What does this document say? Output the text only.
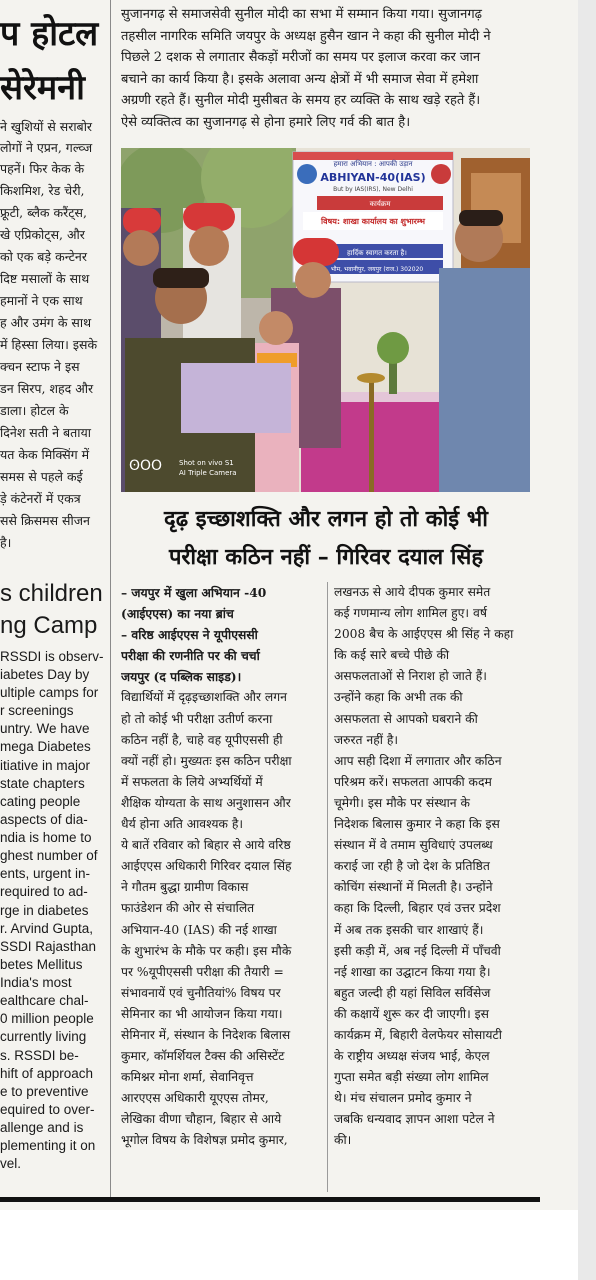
प होटल
सेरेमनी
ने खुशियों से सराबोर
लोगों ने एप्रन, गल्व्ज
पहनें। फिर केक के
किशमिश, रेड चेरी,
फ्रूटी, ब्लैक करैंट्स,
खे एप्रिकोट्स, और
को एक बड़े कन्टेनर
दिष्ट मसालों के साथ
हमानों ने एक साथ
ह और उमंग के साथ
में हिस्सा लिया। इसके
क्चन स्टाफ ने इस
डन सिरप, शहद और
डाला। होटल के
दिनेश सती ने बताया
यत केक मिक्सिंग में
समस से पहले कई
ड़े कंटेनरों में एकत्र
ससे क्रिसमस सीजन
है।
s children
ng Camp
RSSDI is observ-
iabetes Day by
ultiple camps for
r screenings
untry. We have
mega Diabetes
itiative in major
state chapters
cating people
aspects of dia-
ndia is home to
ghest number of
ents, urgent in-
required to ad-
rge in diabetes
r. Arvind Gupta,
SSDI Rajasthan
betes Mellitus
India's most
ealthcare chal-
0 million people
currently living
s. RSSDI be-
hift of approach
e to preventive
equired to over-
allenge and is
plementing it on
vel.
सुजानगढ़ से समाजसेवी सुनील मोदी का सभा में सम्मान किया गया। सुजानगढ़
तहसील नागरिक समिति जयपुर के अध्यक्ष हुसैन खान ने कहा की सुनील मोदी ने
पिछले 2 दशक से लगातार सैकड़ों मरीजों का समय पर इलाज करवा कर जान
बचाने का कार्य किया है। इसके अलावा अन्य क्षेत्रों में भी समाज सेवा में हमेशा
अग्रणी रहते हैं। सुनील मोदी मुसीबत के समय हर व्यक्ति के साथ खड़े रहते हैं।
ऐसे व्यक्तित्व का सुजानगढ़ से होना हमारे लिए गर्व की बात है।
हमारा अभियान : आपकी उड़ान
ABHIYAN-40(IAS)
But by IAS(IRS), New Delhi
कार्यक्रम
विषय: शाखा कार्यालय का शुभारम्भ
हार्दिक स्वागत करता है।
भौम, भवानीपुर, जयपुर (राज.) 302020
ʘOO Shot on vivo S1
AI Triple Camera
दृढ़ इच्छाशक्ति और लगन हो तो कोई भी
परीक्षा कठिन नहीं – गिरिवर दयाल सिंह
– जयपुर में खुला अभियान -40
(आईएएस) का नया ब्रांच
– वरिष्ठ आईएएस ने यूपीएससी
परीक्षा की रणनीति पर की चर्चा
जयपुर (द पब्लिक साइड)।
विद्यार्थियों में दृढ़इच्छाशक्ति और लगन
हो तो कोई भी परीक्षा उतीर्ण करना
कठिन नहीं है, चाहे वह यूपीएससी ही
क्यों नहीं हो। मुख्यतः इस कठिन परीक्षा
में सफलता के लिये अभ्यर्थियों में
शैक्षिक योग्यता के साथ अनुशासन और
धैर्य होना अति आवश्यक है।
ये बातें रविवार को बिहार से आये वरिष्ठ
आईएएस अधिकारी गिरिवर दयाल सिंह
ने गौतम बुद्धा ग्रामीण विकास
फाउंडेशन की ओर से संचालित
अभियान-40 (IAS) की नई शाखा
के शुभारंभ के मौके पर कही। इस मौके
पर %यूपीएससी परीक्षा की तैयारी =
संभावनायें एवं चुनौतियां% विषय पर
सेमिनार का भी आयोजन किया गया।
सेमिनार में, संस्थान के निदेशक बिलास
कुमार, कॉमर्शियल टैक्स की असिस्टेंट
कमिश्नर मोना शर्मा, सेवानिवृत्त
आरएएस अधिकारी यूएएस तोमर,
लेखिका वीणा चौहान, बिहार से आये
भूगोल विषय के विशेषज्ञ प्रमोद कुमार,
लखनऊ से आये दीपक कुमार समेत
कई गणमान्य लोग शामिल हुए। वर्ष
2008 बैच के आईएएस श्री सिंह ने कहा
कि कई सारे बच्चे पीछे की
असफलताओं से निराश हो जाते हैं।
उन्होंने कहा कि अभी तक की
असफलता से आपको घबराने की
जरुरत नहीं है।
आप सही दिशा में लगातार और कठिन
परिश्रम करें। सफलता आपकी कदम
चूमेगी। इस मौके पर संस्थान के
निदेशक बिलास कुमार ने कहा कि इस
संस्थान में वे तमाम सुविधाएं उपलब्ध
कराई जा रही है जो देश के प्रतिष्ठित
कोचिंग संस्थानों में मिलती है। उन्होंने
कहा कि दिल्ली, बिहार एवं उत्तर प्रदेश
में अब तक इसकी चार शाखाएं हैं।
इसी कड़ी में, अब नई दिल्ली में पाँचवी
नई शाखा का उद्घाटन किया गया है।
बहुत जल्दी ही यहां सिविल सर्विसेज
की कक्षायें शुरू कर दी जाएगी। इस
कार्यक्रम में, बिहारी वेलफेयर सोसायटी
के राष्ट्रीय अध्यक्ष संजय भाई, केएल
गुप्ता समेत बड़ी संख्या लोग शामिल
थे। मंच संचालन प्रमोद कुमार ने
जबकि धन्यवाद ज्ञापन आशा पटेल ने
की।
